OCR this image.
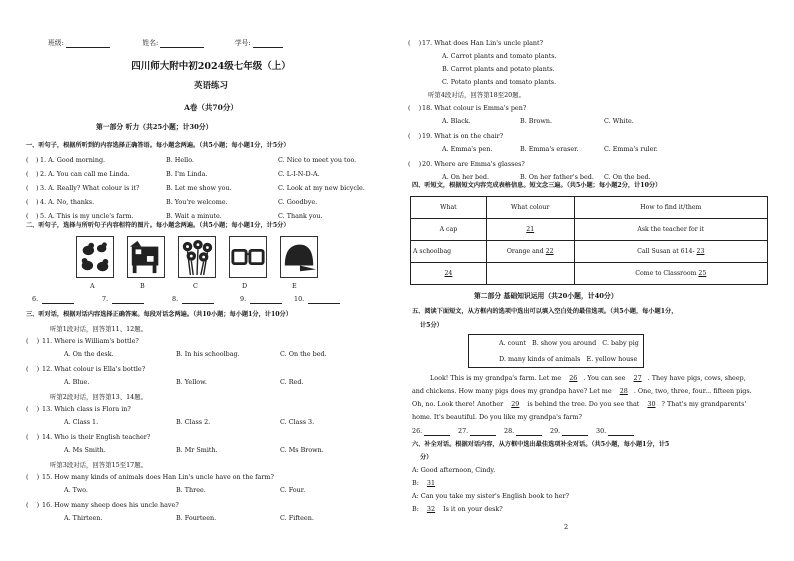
班级:	姓名:	学号:
四川师大附中初2024级七年级（上）
英语练习
A卷（共70分）
第一部分 听力（共25小题；计30分）
一、听句子，根据所听到的内容选择正确答语。每小题念两遍。（共5小题；每小题1分，计5分）
( ) 1. A. Good morning.	B. Hello.	C. Nice to meet you too.
( ) 2. A. You can call me Linda.	B. I'm Linda.	C. L-I-N-D-A.
( ) 3. A. Really? What colour is it?	B. Let me show you.	C. Look at my new bicycle.
( ) 4. A. No, thanks.	B. You're welcome.	C. Goodbye.
( ) 5. A. This is my uncle's farm.	B. Wait a minute.	C. Thank you.
二、听句子，选择与所听句子内容相符的图片。每小题念两遍。（共5小题；每小题1分，计5分）
A	B	C	D	E
6.	7.	8.	9.	10.
三、听对话，根据对话内容选择正确答案。每段对话念两遍。（共10小题；每小题1分，计10分）
听第1段对话，回答第11、12题。
(    ) 11. Where is William's bottle?
A. On the desk.	B. In his schoolbag.	C. On the bed.
(    ) 12. What colour is Ella's bottle?
A. Blue.	B. Yellow.	C. Red.
听第2段对话，回答第13、14题。
(    ) 13. Which class is Flora in?
A. Class 1.	B. Class 2.	C. Class 3.
(    ) 14. Who is their English teacher?
A. Ms Smith.	B. Mr Smith.	C. Ms Brown.
听第3段对话，回答第15至17题。
(    ) 15. How many kinds of animals does Han Lin's uncle have on the farm?
A. Two.	B. Three.	C. Four.
(    ) 16. How many sheep does his uncle have?
A. Thirteen.	B. Fourteen.	C. Fifteen.
(    ) 17. What does Han Lin's uncle plant?
A. Carrot plants and tomato plants.
B. Carrot plants and potato plants.
C. Potato plants and tomato plants.
听第4段对话，回答第18至20题。
(    ) 18. What colour is Emma's pen?
A. Black.	B. Brown.	C. White.
(    ) 19. What is on the chair?
A. Emma's pen.	B. Emma's eraser.	C. Emma's ruler.
(    ) 20. Where are Emma's glasses?
A. On her bed.	B. On her father's bed. C. On the bed.
四、听短文，根据短文内容完成表格信息。短文念三遍。（共5小题；每小题2分，计10分）
What	What colour	How to find it/them
A cap	21	Ask the teacher for it
A schoolbag	Orange and 22	Call Susan at 614- 23
24		Come to Classroom 25
第二部分 基础知识运用（共20小题，计40分）
五、阅读下面短文，从方框内的选项中选出可以填入空白处的最佳选项。（共5小题，每小题1分，
计5分）
A. count B. show you around C. baby pig
D. many kinds of animals E. yellow house
Look! This is my grandpa's farm. Let me 26 . You can see 27 . They have pigs, cows, sheep,
and chickens. How many pigs does my grandpa have? Let me 28 . One, two, three, four... fifteen pigs.
Oh, no. Look there! Another 29 is behind the tree. Do you see that 30 ? That's my grandparents'
home. It's beautiful. Do you like my grandpa's farm?
26.	27.	28.	29.	30.
六、补全对话。根据对话内容，从方框中选出最佳选项补全对话。（共5小题，每小题1分，计5
分）
A: Good afternoon, Cindy.
B: 31
A: Can you take my sister's English book to her?
B: 32 Is it on your desk?
2
